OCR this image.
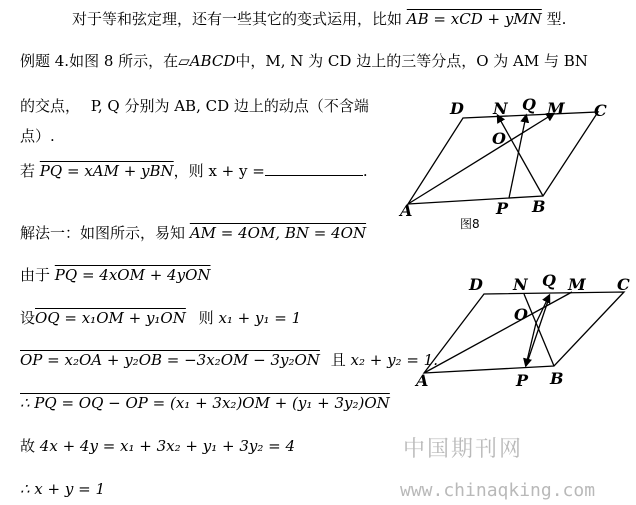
对于等和弦定理，还有一些其它的变式运用，比如 AB = xCD + yMN 型.
例题 4.如图 8 所示，在▱ABCD中，M, N 为 CD 边上的三等分点，O 为 AM 与 BN
的交点， P, Q 分别为 AB, CD 边上的动点（不含端
点）.
若 PQ = xAM + yBN，则 x + y =	.
解法一：如图所示，易知 AM = 4OM, BN = 4ON
由于 PQ = 4xOM + 4yON
设OQ = x₁OM + y₁ON 则 x₁ + y₁ = 1
OP = x₂OA + y₂OB = −3x₂OM − 3y₂ON 且 x₂ + y₂ = 1.
∴ PQ = OQ − OP = (x₁ + 3x₂)OM + (y₁ + 3y₂)ON
故 4x + 4y = x₁ + 3x₂ + y₁ + 3y₂ = 4
∴ x + y = 1
D N Q M C
O
A	P B
图8
D N Q M C
O
A	P B
中国期刊网
www.chinaqking.com
